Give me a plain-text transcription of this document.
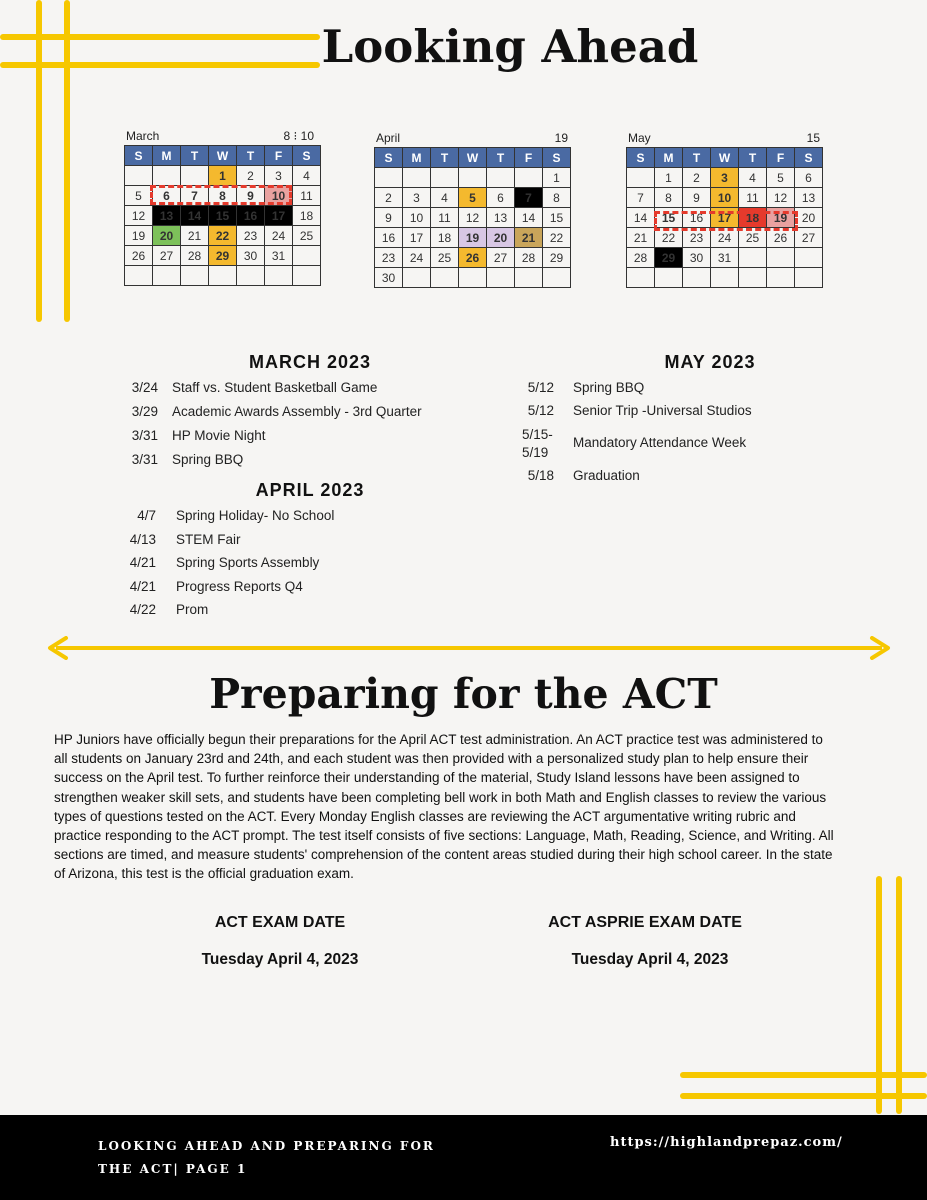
Looking Ahead
March	8 ⁝ 10
S	M	T	W	T	F	S
			1	2	3	4
5	6	7	8	9	10	11
12	13	14	15	16	17	18
19	20	21	22	23	24	25
26	27	28	29	30	31	

April	19
S	M	T	W	T	F	S
						1
2	3	4	5	6	7	8
9	10	11	12	13	14	15
16	17	18	19	20	21	22
23	24	25	26	27	28	29
30						
May	15
S	M	T	W	T	F	S
	1	2	3	4	5	6
7	8	9	10	11	12	13
14	15	16	17	18	19	20
21	22	23	24	25	26	27
28	29	30	31			

MARCH 2023
3/24 Staff vs. Student Basketball Game
3/29 Academic Awards Assembly - 3rd Quarter
3/31 HP Movie Night
3/31 Spring BBQ
APRIL 2023
4/7 Spring Holiday- No School
4/13 STEM Fair
4/21 Spring Sports Assembly
4/21 Progress Reports Q4
4/22 Prom
MAY 2023
5/12 Spring BBQ
5/12 Senior Trip -Universal Studios
5/15-
5/19
Mandatory Attendance Week
5/18 Graduation
Preparing for the ACT

HP Juniors have officially begun their preparations for the April ACT test administration. An ACT practice test was administered to all students on January 23rd and 24th, and each student was then provided with a personalized study plan to help ensure their success on the April test. To further reinforce their understanding of the material, Study Island lessons have been assigned to strengthen weaker skill sets, and students have been completing bell work in both Math and English classes to review the various types of questions tested on the ACT. Every Monday English classes are reviewing the ACT argumentative writing rubric and practice responding to the ACT prompt. The test itself consists of five sections: Language, Math, Reading, Science, and Writing. All sections are timed, and measure students' comprehension of the content areas studied during their high school career. In the state of Arizona, this test is the official graduation exam.

ACT EXAM DATE
Tuesday April 4, 2023
ACT ASPRIE EXAM DATE
Tuesday April 4, 2023
LOOKING AHEAD AND PREPARING FOR THE ACT| PAGE 1
https://highlandprepaz.com/
